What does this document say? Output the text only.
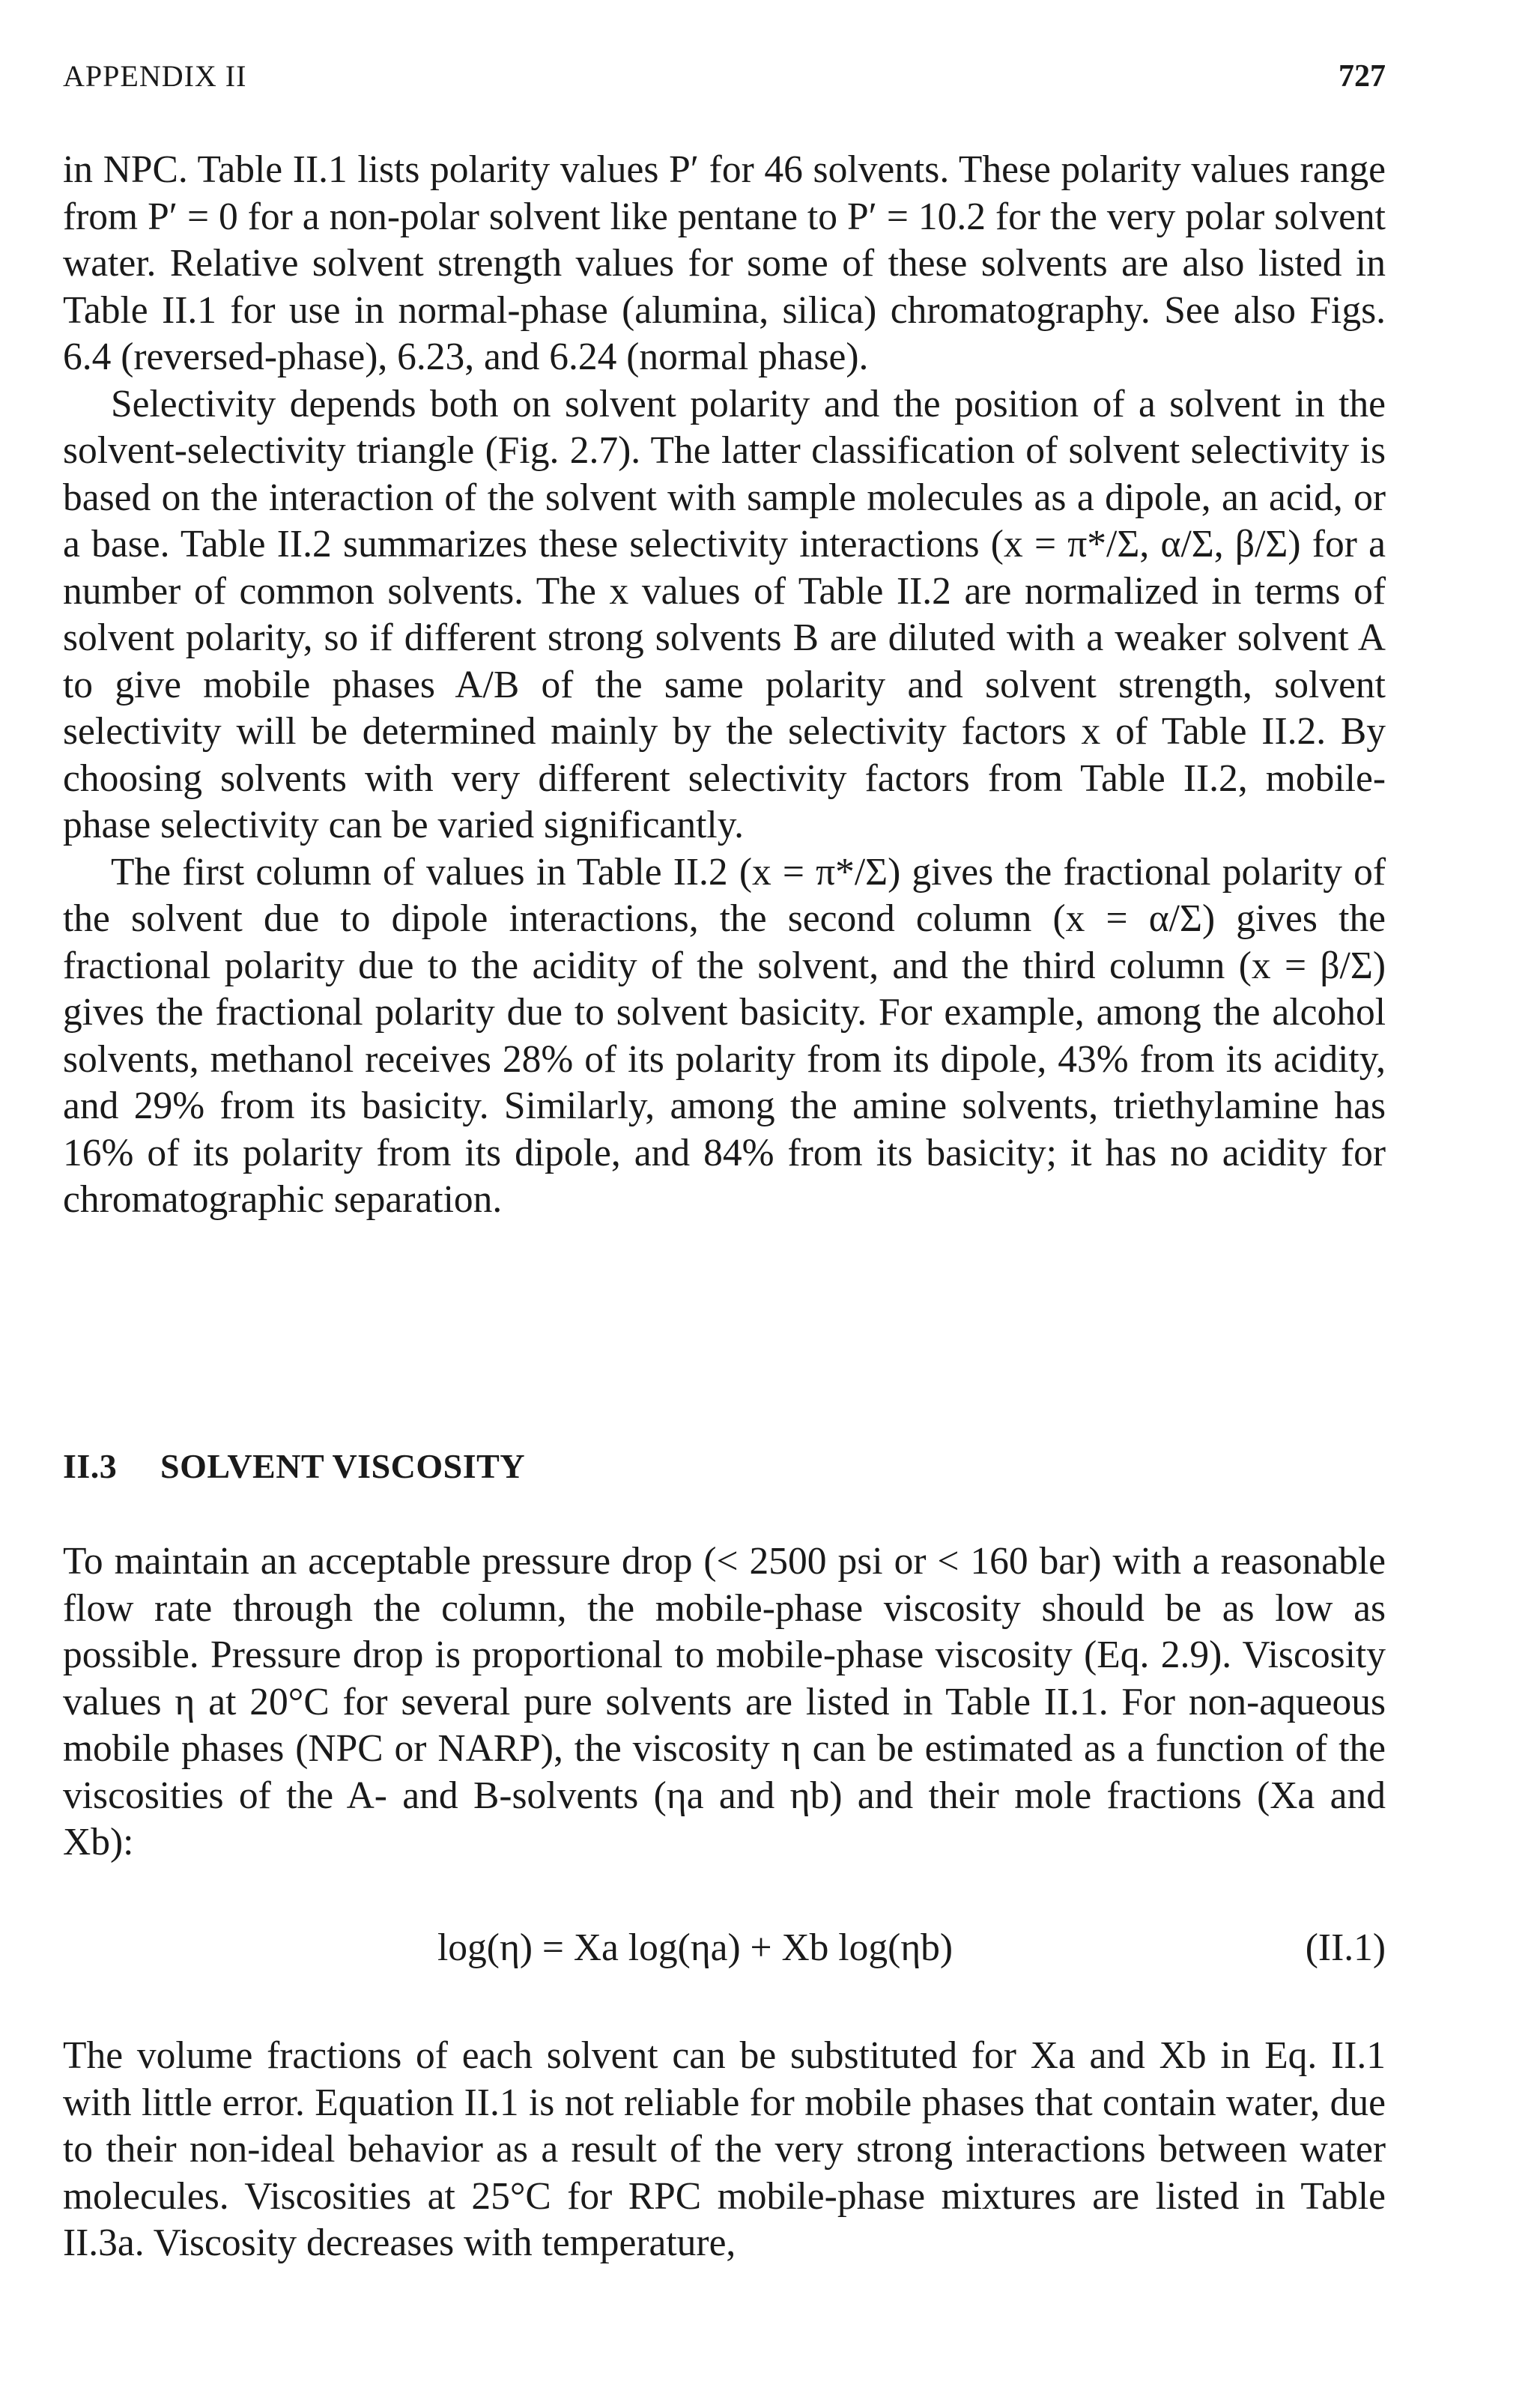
APPENDIX II	727

in NPC. Table II.1 lists polarity values P′ for 46 solvents. These polarity values range from P′ = 0 for a non-polar solvent like pentane to P′ = 10.2 for the very polar solvent water. Relative solvent strength values for some of these solvents are also listed in Table II.1 for use in normal-phase (alumina, silica) chromatography. See also Figs. 6.4 (reversed-phase), 6.23, and 6.24 (normal phase).

Selectivity depends both on solvent polarity and the position of a solvent in the solvent-selectivity triangle (Fig. 2.7). The latter classification of solvent selectivity is based on the interaction of the solvent with sample molecules as a dipole, an acid, or a base. Table II.2 summarizes these selectivity interactions (x = π*/Σ, α/Σ, β/Σ) for a number of common solvents. The x values of Table II.2 are normalized in terms of solvent polarity, so if different strong solvents B are diluted with a weaker solvent A to give mobile phases A/B of the same polarity and solvent strength, solvent selectivity will be determined mainly by the selectivity factors x of Table II.2. By choosing solvents with very different selectivity factors from Table II.2, mobile-phase selectivity can be varied significantly.

The first column of values in Table II.2 (x = π*/Σ) gives the fractional polarity of the solvent due to dipole interactions, the second column (x = α/Σ) gives the fractional polarity due to the acidity of the solvent, and the third column (x = β/Σ) gives the fractional polarity due to solvent basicity. For example, among the alcohol solvents, methanol receives 28% of its polarity from its dipole, 43% from its acidity, and 29% from its basicity. Similarly, among the amine solvents, triethylamine has 16% of its polarity from its dipole, and 84% from its basicity; it has no acidity for chromatographic separation.

II.3 SOLVENT VISCOSITY

To maintain an acceptable pressure drop (< 2500 psi or < 160 bar) with a reasonable flow rate through the column, the mobile-phase viscosity should be as low as possible. Pressure drop is proportional to mobile-phase viscosity (Eq. 2.9). Viscosity values η at 20°C for several pure solvents are listed in Table II.1. For non-aqueous mobile phases (NPC or NARP), the viscosity η can be estimated as a function of the viscosities of the A- and B-solvents (ηa and ηb) and their mole fractions (Xa and Xb):

log(η) = Xa log(ηa) + Xb log(ηb)	(II.1)

The volume fractions of each solvent can be substituted for Xa and Xb in Eq. II.1 with little error. Equation II.1 is not reliable for mobile phases that contain water, due to their non-ideal behavior as a result of the very strong interactions between water molecules. Viscosities at 25°C for RPC mobile-phase mixtures are listed in Table II.3a. Viscosity decreases with temperature,
